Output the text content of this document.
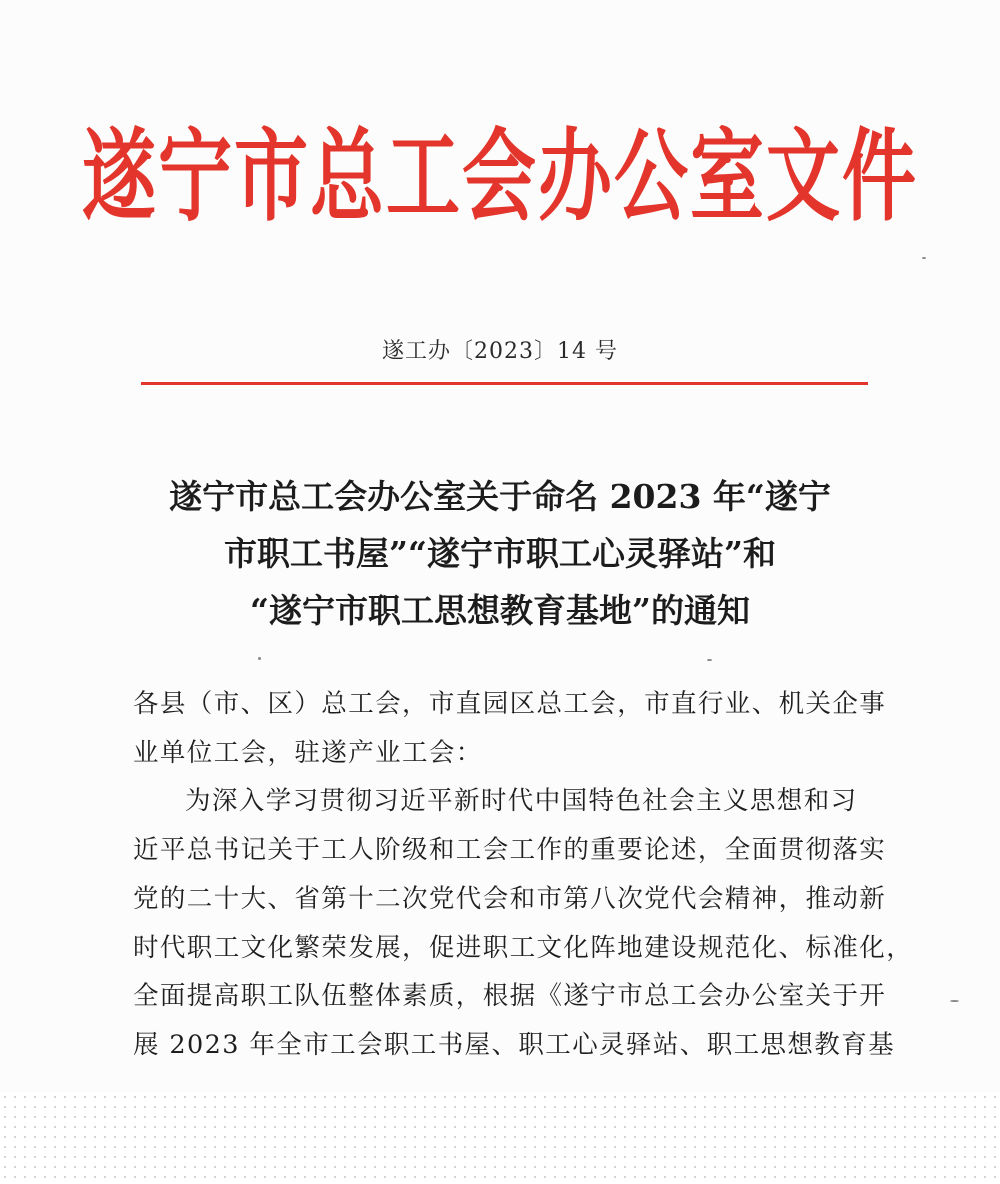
遂宁市总工会办公室文件
遂工办〔2023〕14 号
遂宁市总工会办公室关于命名 2023 年“遂宁
市职工书屋”“遂宁市职工心灵驿站”和
“遂宁市职工思想教育基地”的通知
各县（市、区）总工会，市直园区总工会，市直行业、机关企事
业单位工会，驻遂产业工会：
为深入学习贯彻习近平新时代中国特色社会主义思想和习
近平总书记关于工人阶级和工会工作的重要论述，全面贯彻落实
党的二十大、省第十二次党代会和市第八次党代会精神，推动新
时代职工文化繁荣发展，促进职工文化阵地建设规范化、标准化，
全面提高职工队伍整体素质，根据《遂宁市总工会办公室关于开
展 2023 年全市工会职工书屋、职工心灵驿站、职工思想教育基
